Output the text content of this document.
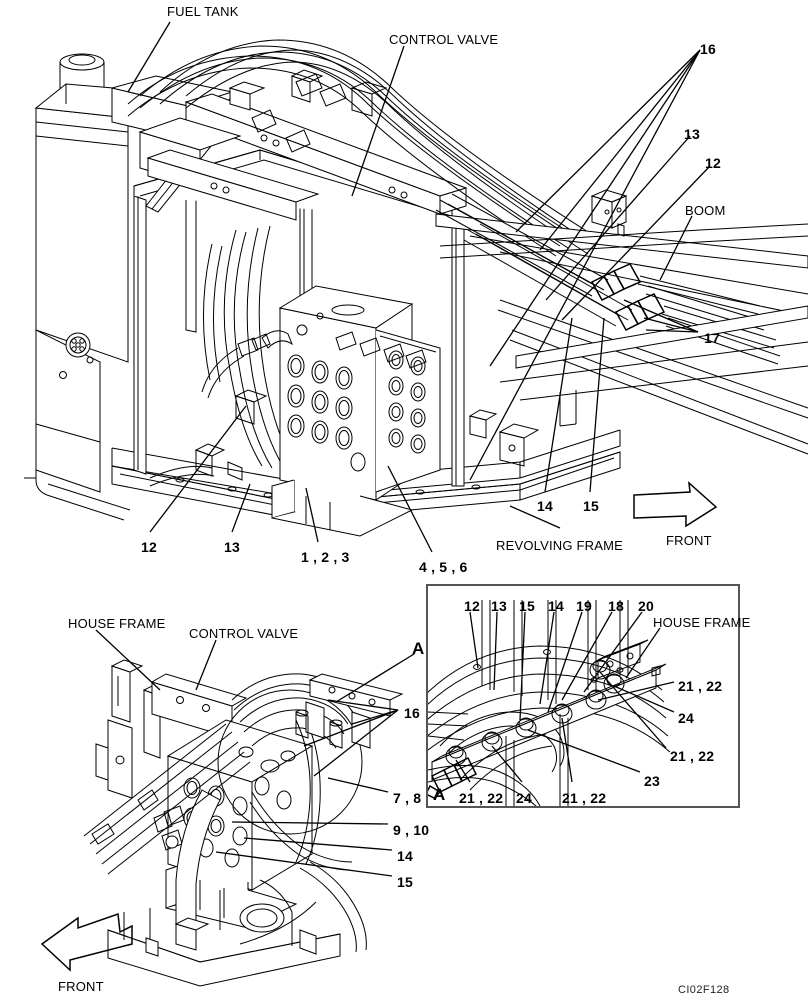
FUEL TANK
CONTROL VALVE
BOOM
REVOLVING FRAME	FRONT
16
13
12
17
14 15
12	13
1 , 2 , 3
4 , 5 , 6
HOUSE FRAME
CONTROL VALVE
FRONT
A
16
7 , 8
9 , 10
14
15
HOUSE FRAME
12 13 15 14 19 18 20
21 , 22
24
21 , 22
23
A 21 , 22 24 21 , 22
CI02F128
